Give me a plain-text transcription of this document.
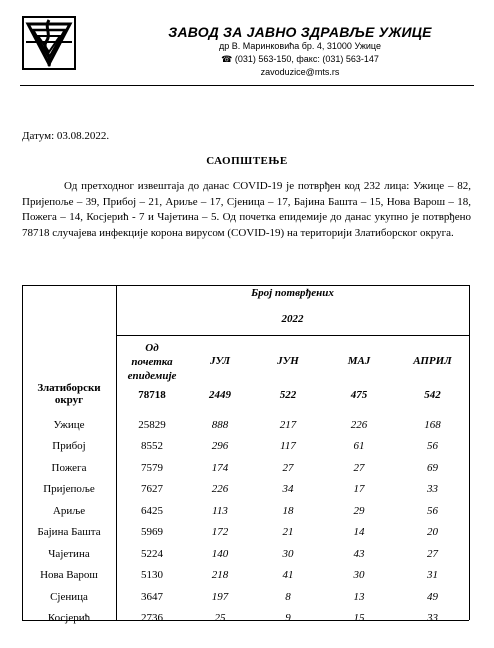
ЗАВОД ЗА ЈАВНО ЗДРАВЉЕ УЖИЦЕ
др В. Маринковића бр. 4, 31000 Ужице
☎ (031) 563-150, факс: (031) 563-147
zavoduzice@mts.rs
Датум: 03.08.2022.
САОПШТЕЊЕ
Од претходног извештаја до данас COVID-19 је потврђен код 232 лица: Ужице – 82, Пријепоље – 39, Прибој – 21, Ариље – 17, Сјеница – 17, Бајина Башта – 15, Нова Варош – 18, Пожега – 14, Косјерић - 7 и Чајетина – 5. Од почетка епидемије до данас укупно је потврђено 78718 случајева инфекције корона вирусом (COVID-19) на територији Златиборског округа.
Број потврђених
2022
Од
почетка
епидемије
ЈУЛ	ЈУН	МАЈ	АПРИЛ
Златиборски округ	78718	2449	522	475	542
Ужице	25829	888	217	226	168
Прибој	8552	296	117	61	56
Пожега	7579	174	27	27	69
Пријепоље	7627	226	34	17	33
Ариље	6425	113	18	29	56
Бајина Башта	5969	172	21	14	20
Чајетина	5224	140	30	43	27
Нова Варош	5130	218	41	30	31
Сјеница	3647	197	8	13	49
Косјерић	2736	25	9	15	33
